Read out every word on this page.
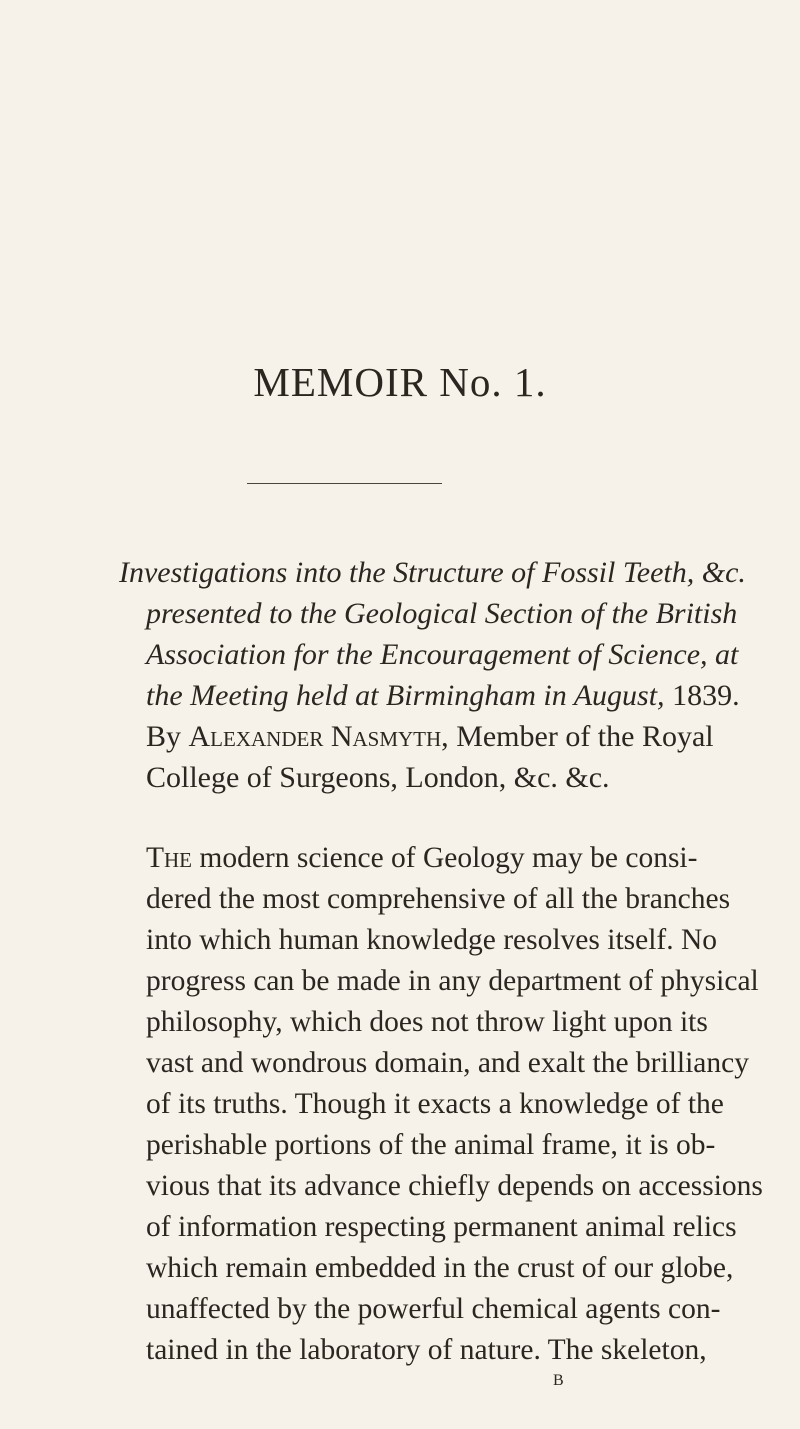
MEMOIR No. 1.
Investigations into the Structure of Fossil Teeth, &c.
presented to the Geological Section of the British
Association for the Encouragement of Science, at
the Meeting held at Birmingham in August, 1839.
By Alexander Nasmyth, Member of the Royal
College of Surgeons, London, &c. &c.
The modern science of Geology may be consi-
dered the most comprehensive of all the branches
into which human knowledge resolves itself. No
progress can be made in any department of physical
philosophy, which does not throw light upon its
vast and wondrous domain, and exalt the brilliancy
of its truths. Though it exacts a knowledge of the
perishable portions of the animal frame, it is ob-
vious that its advance chiefly depends on accessions
of information respecting permanent animal relics
which remain embedded in the crust of our globe,
unaffected by the powerful chemical agents con-
tained in the laboratory of nature. The skeleton,
B
